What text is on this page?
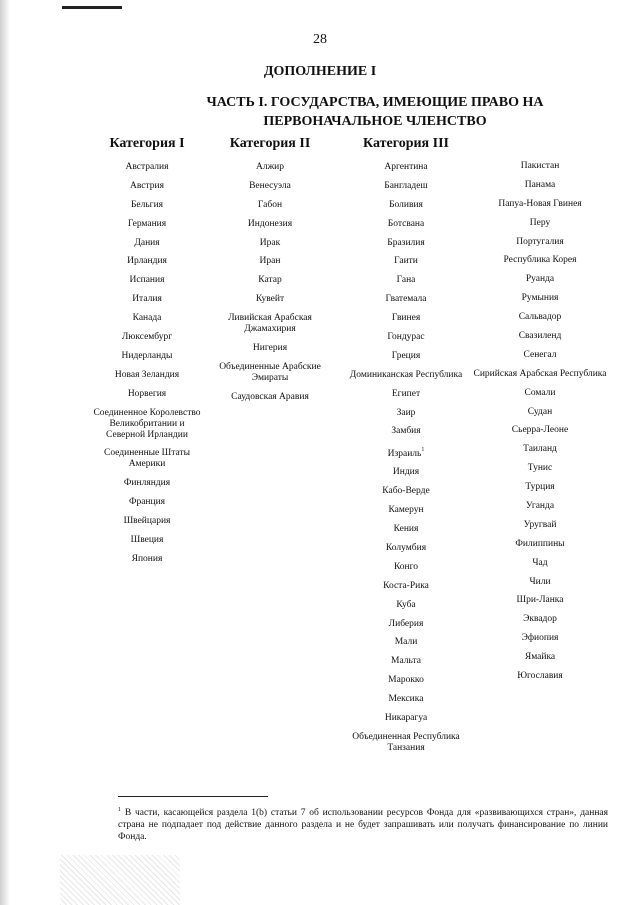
28
ДОПОЛНЕНИЕ I
ЧАСТЬ I. ГОСУДАРСТВА, ИМЕЮЩИЕ ПРАВО НА ПЕРВОНАЧАЛЬНОЕ ЧЛЕНСТВО
Категория I
Австралия
Австрия
Бельгия
Германия
Дания
Ирландия
Испания
Италия
Канада
Люксембург
Нидерланды
Новая Зеландия
Норвегия
Соединенное Королевство Великобритании и Северной Ирландии
Соединенные Штаты Америки
Финляндия
Франция
Швейцария
Швеция
Япония
Категория II
Алжир
Венесуэла
Габон
Индонезия
Ирак
Иран
Катар
Кувейт
Ливийская Арабская Джамахирия
Нигерия
Объединенные Арабские Эмираты
Саудовская Аравия
Категория III
Аргентина
Бангладеш
Боливия
Ботсвана
Бразилия
Гаити
Гана
Гватемала
Гвинея
Гондурас
Греция
Доминиканская Республика
Египет
Заир
Замбия
Израиль$^1$
Индия
Кабо-Верде
Камерун
Кения
Колумбия
Конго
Коста-Рика
Куба
Либерия
Мали
Мальта
Марокко
Мексика
Никарагуа
Объединенная Республика Танзания
Пакистан
Панама
Папуа-Новая Гвинея
Перу
Португалия
Республика Корея
Руанда
Румыния
Сальвадор
Свазиленд
Сенегал
Сирийская Арабская Республика
Сомали
Судан
Сьерра-Леоне
Таиланд
Тунис
Турция
Уганда
Уругвай
Филиппины
Чад
Чили
Шри-Ланка
Эквадор
Эфиопия
Ямайка
Югославия
$^1$ В части, касающейся раздела 1(b) статьи 7 об использовании ресурсов Фонда для «развивающихся стран», данная страна не подпадает под действие данного раздела и не будет запрашивать или получать финансирование по линии Фонда.
